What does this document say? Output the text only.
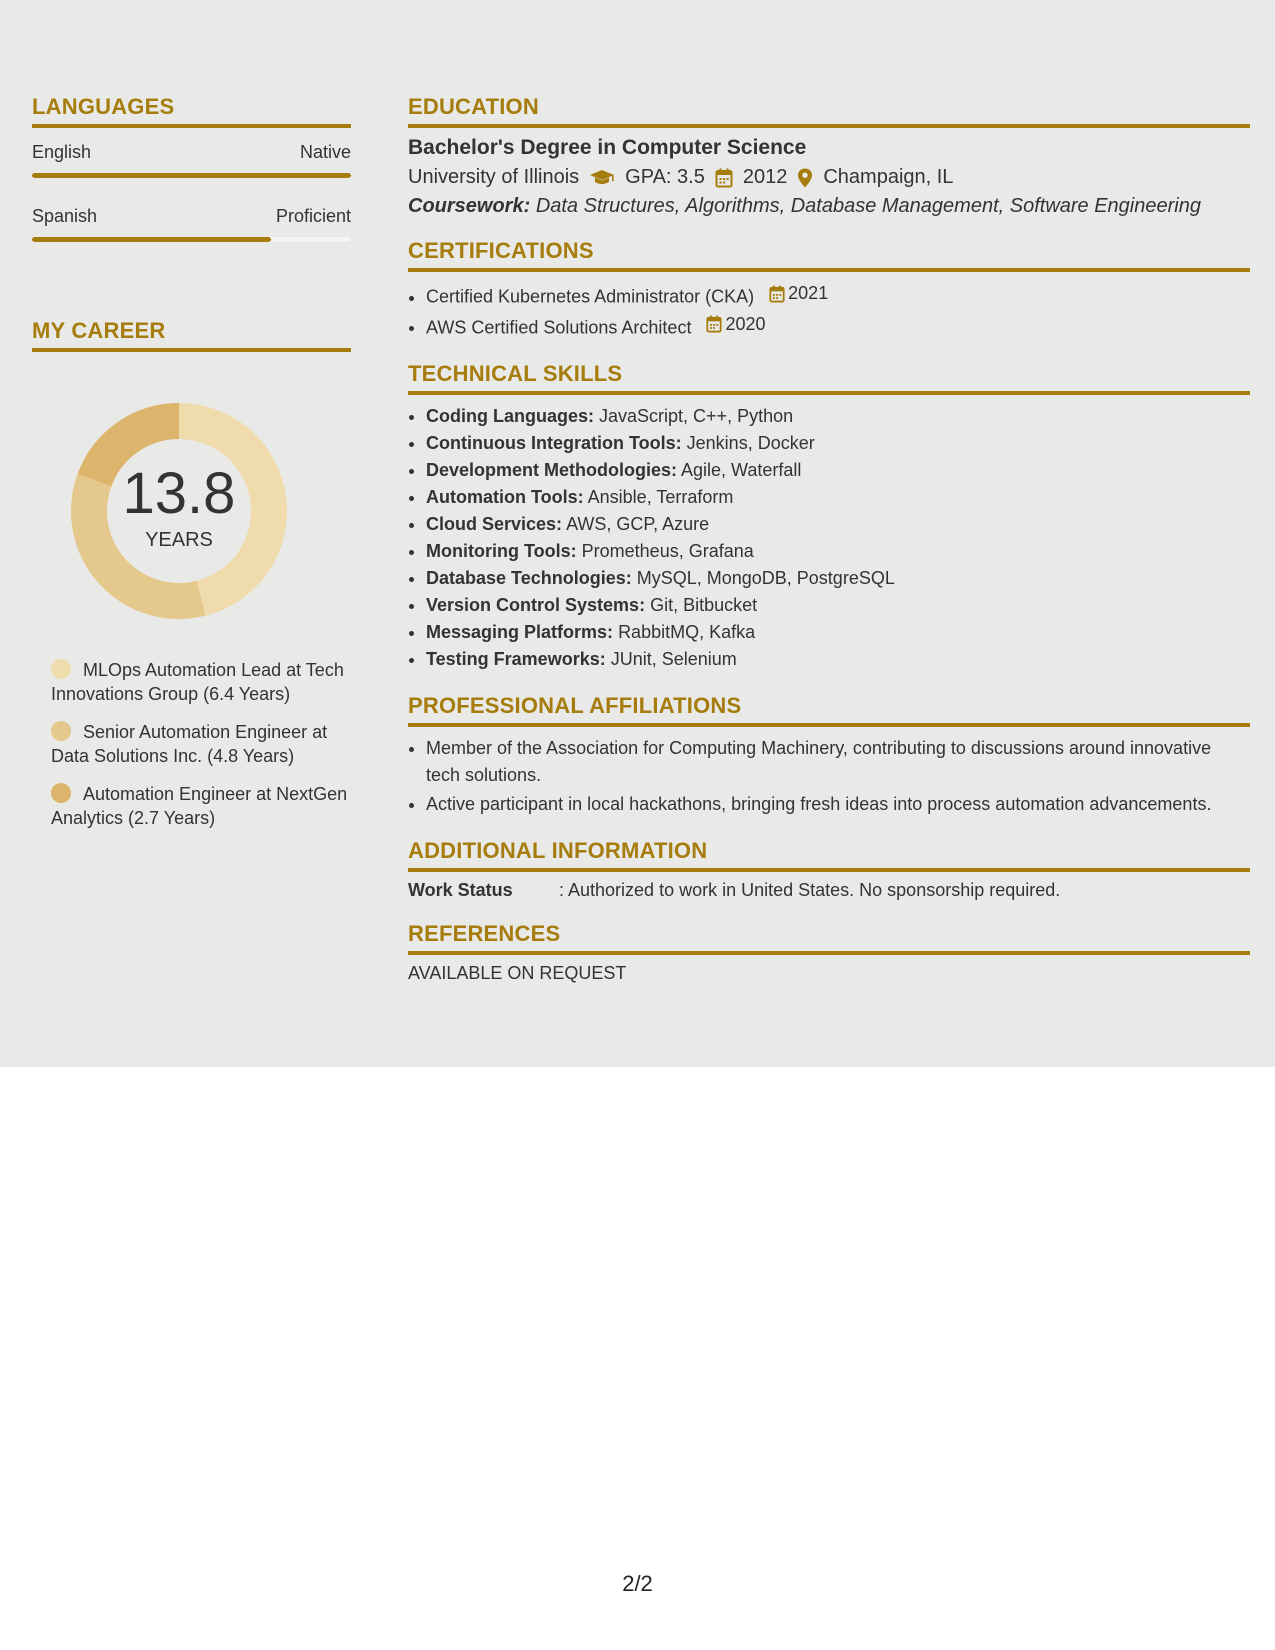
LANGUAGES
English	Native
Spanish	Proficient
MY CAREER
13.8
YEARS
MLOps Automation Lead at Tech Innovations Group (6.4 Years)
Senior Automation Engineer at Data Solutions Inc. (4.8 Years)
Automation Engineer at NextGen Analytics (2.7 Years)
EDUCATION
Bachelor's Degree in Computer Science
University of Illinois GPA: 3.5 2012 Champaign, IL
Coursework: Data Structures, Algorithms, Database Management, Software Engineering
CERTIFICATIONS
• Certified Kubernetes Administrator (CKA) 2021
• AWS Certified Solutions Architect 2020
TECHNICAL SKILLS
• Coding Languages: JavaScript, C++, Python
• Continuous Integration Tools: Jenkins, Docker
• Development Methodologies: Agile, Waterfall
• Automation Tools: Ansible, Terraform
• Cloud Services: AWS, GCP, Azure
• Monitoring Tools: Prometheus, Grafana
• Database Technologies: MySQL, MongoDB, PostgreSQL
• Version Control Systems: Git, Bitbucket
• Messaging Platforms: RabbitMQ, Kafka
• Testing Frameworks: JUnit, Selenium
PROFESSIONAL AFFILIATIONS
• Member of the Association for Computing Machinery, contributing to discussions around innovative tech solutions.
• Active participant in local hackathons, bringing fresh ideas into process automation advancements.
ADDITIONAL INFORMATION
Work Status	: Authorized to work in United States. No sponsorship required.
REFERENCES
AVAILABLE ON REQUEST
2/2
